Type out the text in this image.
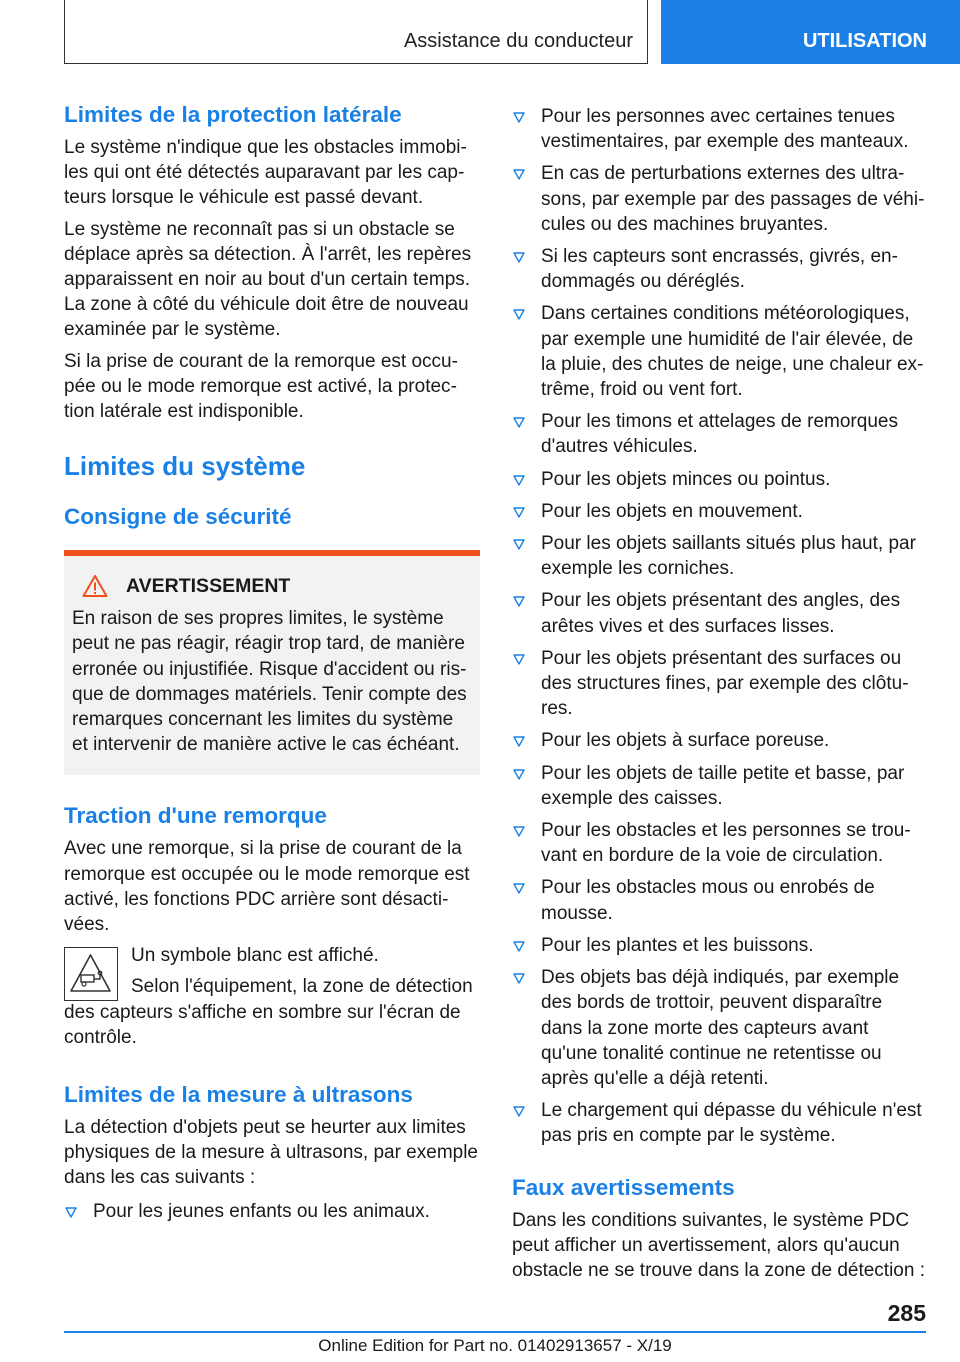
Assistance du conducteur	UTILISATION
Limites de la protection latérale

Le système n'indique que les obstacles immobiles qui ont été détectés auparavant par les capteurs lorsque le véhicule est passé devant.

Le système ne reconnaît pas si un obstacle se déplace après sa détection. À l'arrêt, les repères apparaissent en noir au bout d'un certain temps. La zone à côté du véhicule doit être de nouveau examinée par le système.

Si la prise de courant de la remorque est occupée ou le mode remorque est activé, la protection latérale est indisponible.

Limites du système
Consigne de sécurité
AVERTISSEMENT

En raison de ses propres limites, le système peut ne pas réagir, réagir trop tard, de manière erronée ou injustifiée. Risque d'accident ou risque de dommages matériels. Tenir compte des remarques concernant les limites du système et intervenir de manière active le cas échéant.

Traction d'une remorque

Avec une remorque, si la prise de courant de la remorque est occupée ou le mode remorque est activé, les fonctions PDC arrière sont désactivées.

Un symbole blanc est affiché.

Selon l'équipement, la zone de détection des capteurs s'affiche en sombre sur l'écran de contrôle.

Limites de la mesure à ultrasons

La détection d'objets peut se heurter aux limites physiques de la mesure à ultrasons, par exemple dans les cas suivants :

Pour les jeunes enfants ou les animaux.
Pour les personnes avec certaines tenues vestimentaires, par exemple des manteaux.
En cas de perturbations externes des ultrasons, par exemple par des passages de véhicules ou des machines bruyantes.
Si les capteurs sont encrassés, givrés, endommagés ou déréglés.
Dans certaines conditions météorologiques, par exemple une humidité de l'air élevée, de la pluie, des chutes de neige, une chaleur extrême, froid ou vent fort.
Pour les timons et attelages de remorques d'autres véhicules.
Pour les objets minces ou pointus.
Pour les objets en mouvement.
Pour les objets saillants situés plus haut, par exemple les corniches.
Pour les objets présentant des angles, des arêtes vives et des surfaces lisses.
Pour les objets présentant des surfaces ou des structures fines, par exemple des clôtures.
Pour les objets à surface poreuse.
Pour les objets de taille petite et basse, par exemple des caisses.
Pour les obstacles et les personnes se trouvant en bordure de la voie de circulation.
Pour les obstacles mous ou enrobés de mousse.
Pour les plantes et les buissons.
Des objets bas déjà indiqués, par exemple des bords de trottoir, peuvent disparaître dans la zone morte des capteurs avant qu'une tonalité continue ne retentisse ou après qu'elle a déjà retenti.
Le chargement qui dépasse du véhicule n'est pas pris en compte par le système.
Faux avertissements

Dans les conditions suivantes, le système PDC peut afficher un avertissement, alors qu'aucun obstacle ne se trouve dans la zone de détection :

285
Online Edition for Part no. 01402913657 - X/19
